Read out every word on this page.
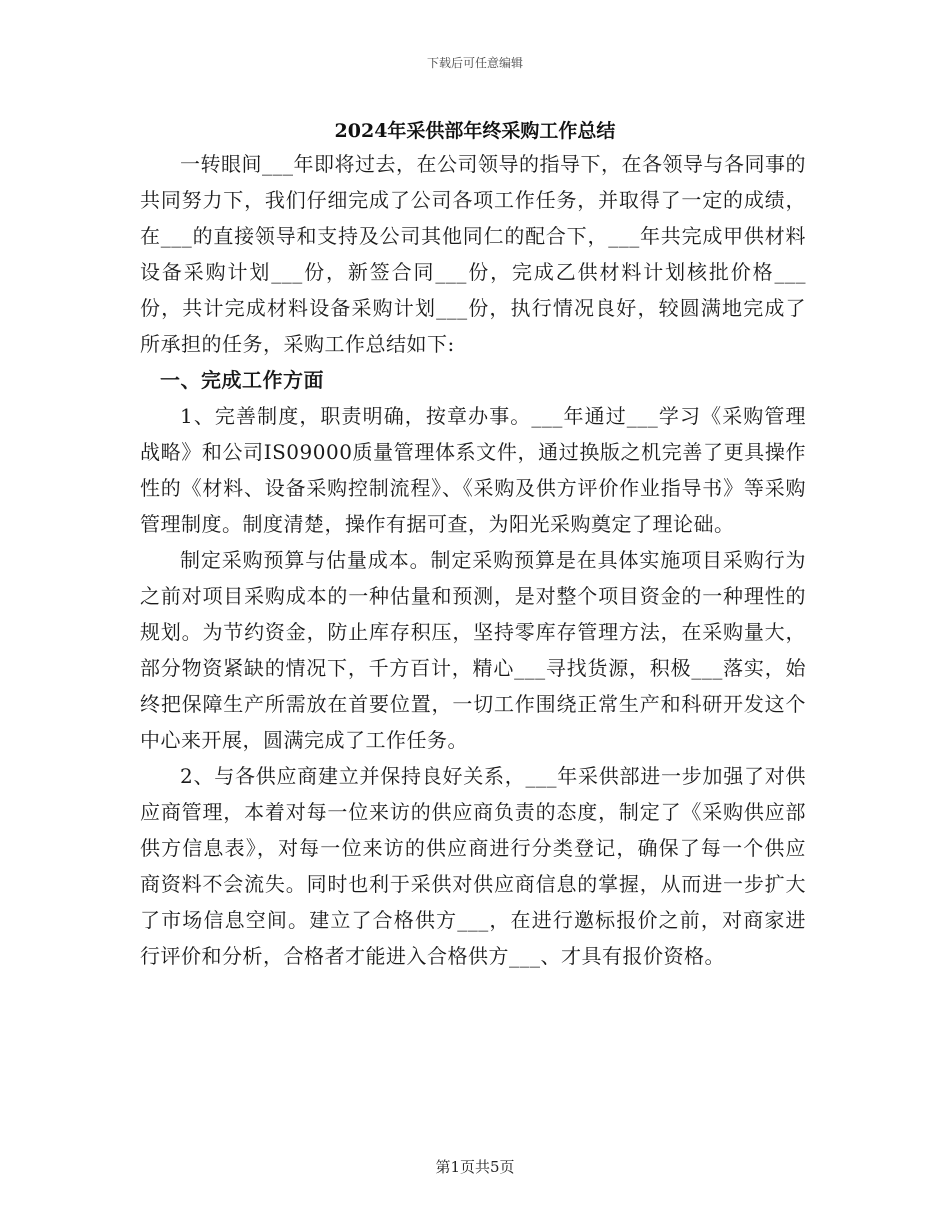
下载后可任意编辑
2024年采供部年终采购工作总结

一转眼间___年即将过去，在公司领导的指导下，在各领导与各同事的共同努力下，我们仔细完成了公司各项工作任务，并取得了一定的成绩，在___的直接领导和支持及公司其他同仁的配合下，___年共完成甲供材料设备采购计划___份，新签合同___份，完成乙供材料计划核批价格___份，共计完成材料设备采购计划___份，执行情况良好，较圆满地完成了所承担的任务，采购工作总结如下:

一、完成工作方面

1、完善制度，职责明确，按章办事。___年通过___学习《采购管理战略》和公司IS09000质量管理体系文件，通过换版之机完善了更具操作性的《材料、设备采购控制流程》、《采购及供方评价作业指导书》等采购管理制度。制度清楚，操作有据可查，为阳光采购奠定了理论础。

制定采购预算与估量成本。制定采购预算是在具体实施项目采购行为之前对项目采购成本的一种估量和预测，是对整个项目资金的一种理性的规划。为节约资金，防止库存积压，坚持零库存管理方法，在采购量大，部分物资紧缺的情况下，千方百计，精心___寻找货源，积极___落实，始终把保障生产所需放在首要位置，一切工作围绕正常生产和科研开发这个中心来开展，圆满完成了工作任务。

2、与各供应商建立并保持良好关系，___年采供部进一步加强了对供应商管理，本着对每一位来访的供应商负责的态度，制定了《采购供应部供方信息表》，对每一位来访的供应商进行分类登记，确保了每一个供应商资料不会流失。同时也利于采供对供应商信息的掌握，从而进一步扩大了市场信息空间。建立了合格供方___，在进行邀标报价之前，对商家进行评价和分析，合格者才能进入合格供方___、才具有报价资格。

第1页共5页
